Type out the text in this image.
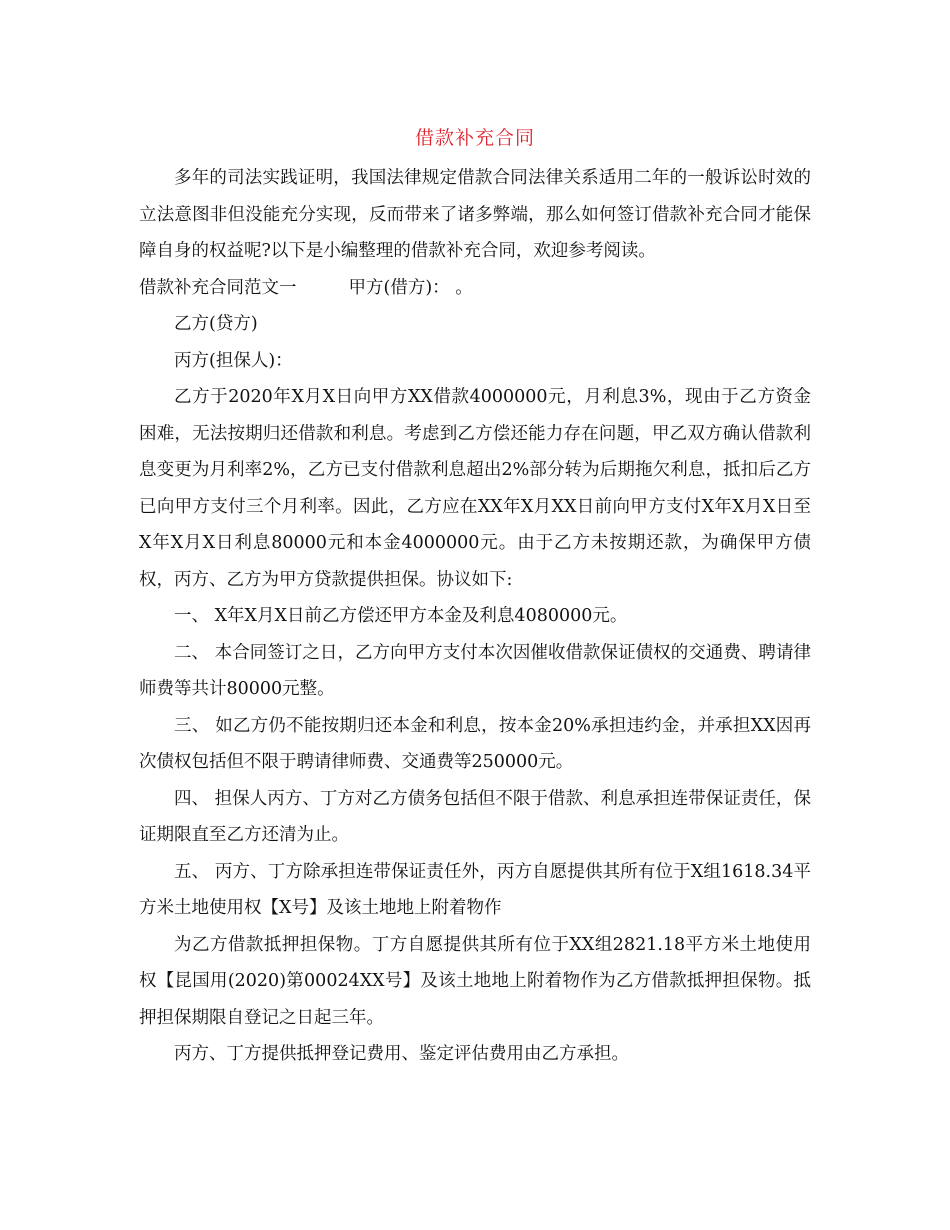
借款补充合同

多年的司法实践证明，我国法律规定借款合同法律关系适用二年的一般诉讼时效的立法意图非但没能充分实现，反而带来了诸多弊端，那么如何签订借款补充合同才能保障自身的权益呢?以下是小编整理的借款补充合同，欢迎参考阅读。

借款补充合同范文一	甲方(借方)： 。

乙方(贷方)

丙方(担保人)：

乙方于2020年X月X日向甲方XX借款4000000元，月利息3%，现由于乙方资金困难，无法按期归还借款和利息。考虑到乙方偿还能力存在问题，甲乙双方确认借款利息变更为月利率2%，乙方已支付借款利息超出2%部分转为后期拖欠利息，抵扣后乙方已向甲方支付三个月利率。因此，乙方应在XX年X月XX日前向甲方支付X年X月X日至X年X月X日利息80000元和本金4000000元。由于乙方未按期还款，为确保甲方债权，丙方、乙方为甲方贷款提供担保。协议如下:

一、 X年X月X日前乙方偿还甲方本金及利息4080000元。

二、 本合同签订之日，乙方向甲方支付本次因催收借款保证债权的交通费、聘请律师费等共计80000元整。

三、 如乙方仍不能按期归还本金和利息，按本金20%承担违约金，并承担XX因再次债权包括但不限于聘请律师费、交通费等250000元。

四、 担保人丙方、丁方对乙方债务包括但不限于借款、利息承担连带保证责任，保证期限直至乙方还清为止。

五、 丙方、丁方除承担连带保证责任外，丙方自愿提供其所有位于X组1618.34平方米土地使用权【X号】及该土地地上附着物作

为乙方借款抵押担保物。丁方自愿提供其所有位于XX组2821.18平方米土地使用权【昆国用(2020)第00024XX号】及该土地地上附着物作为乙方借款抵押担保物。抵押担保期限自登记之日起三年。

丙方、丁方提供抵押登记费用、鉴定评估费用由乙方承担。
